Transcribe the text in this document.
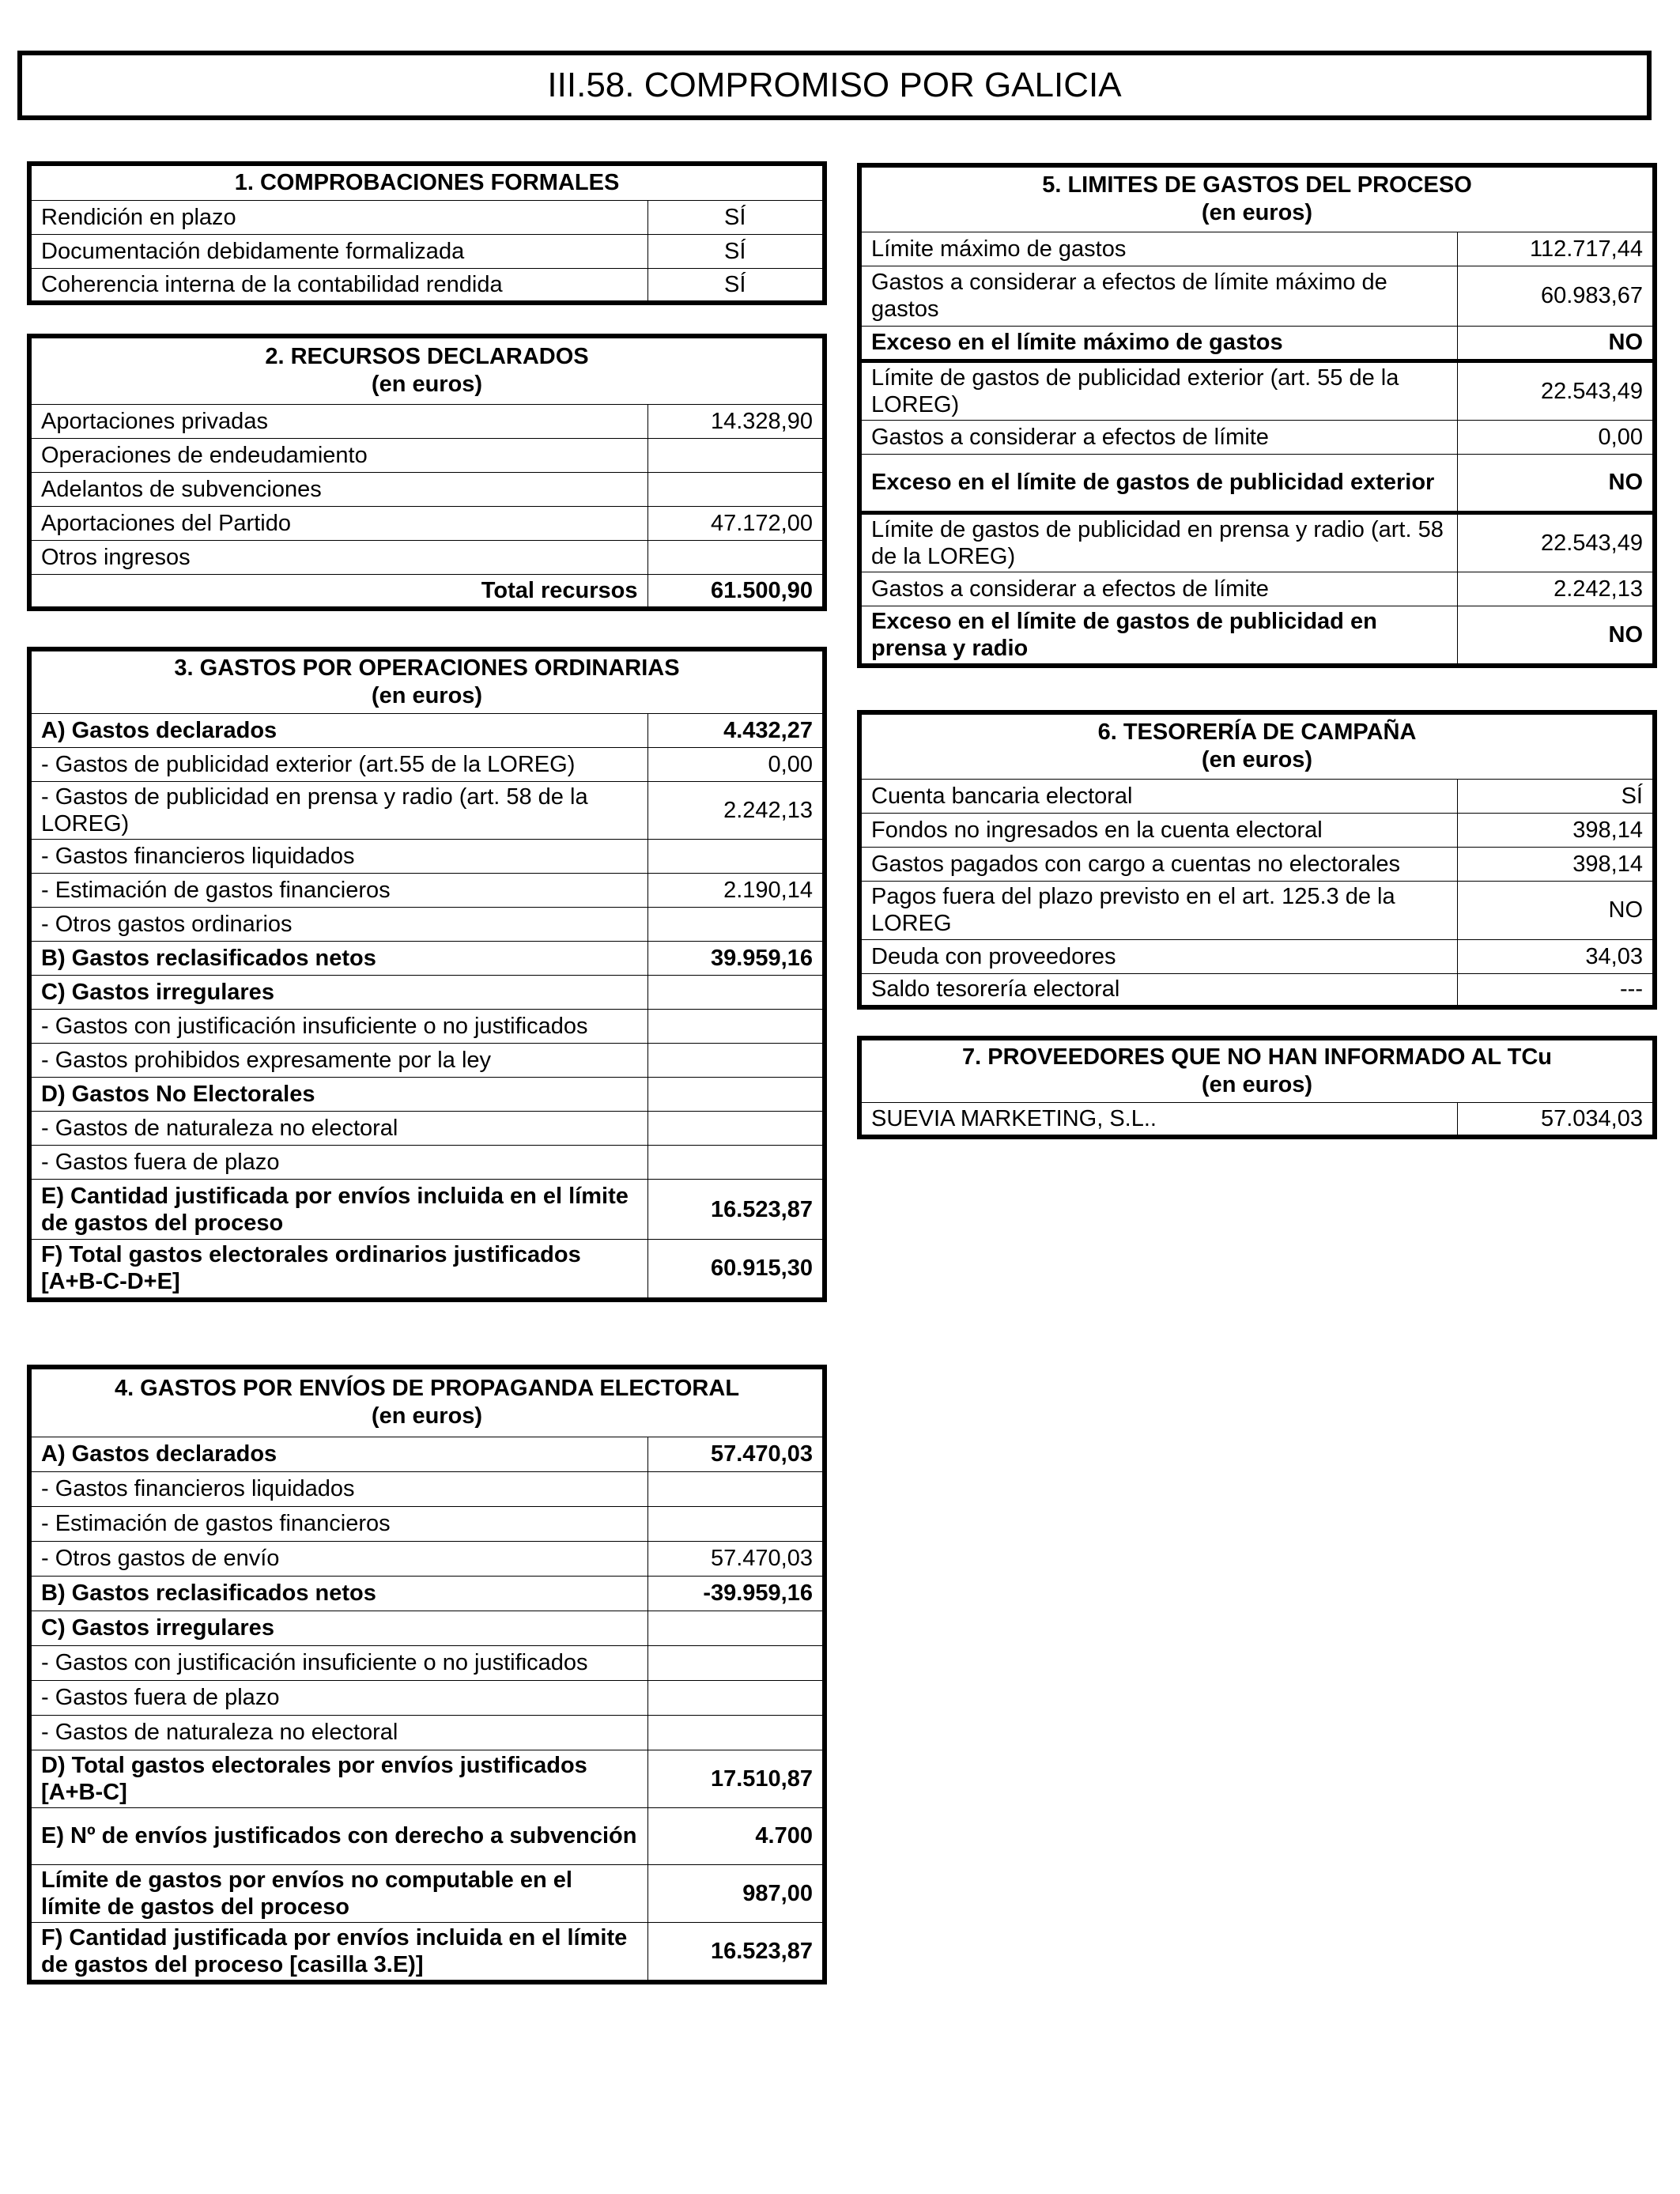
III.58. COMPROMISO POR GALICIA
1. COMPROBACIONES FORMALES	
Rendición en plazo	SÍ
Documentación debidamente formalizada	SÍ
Coherencia interna de la contabilidad rendida	SÍ
2. RECURSOS DECLARADOS
(en euros)	

Aportaciones privadas	14.328,90
Operaciones de endeudamiento	
Adelantos de subvenciones	
Aportaciones del Partido	47.172,00
Otros ingresos	
Total recursos	61.500,90
3. GASTOS POR OPERACIONES ORDINARIAS
(en euros)	

A) Gastos declarados	4.432,27
- Gastos de publicidad exterior (art.55 de la LOREG)	0,00
- Gastos de publicidad en prensa y radio (art. 58 de la LOREG)	2.242,13
- Gastos financieros liquidados	
- Estimación de gastos financieros	2.190,14
- Otros gastos ordinarios	
B) Gastos reclasificados netos	39.959,16
C) Gastos irregulares	
- Gastos con justificación insuficiente o no justificados	
- Gastos prohibidos expresamente por la ley	
D) Gastos No Electorales	
- Gastos de naturaleza no electoral	
- Gastos fuera de plazo	
E) Cantidad justificada por envíos incluida en el límite de gastos del proceso	16.523,87
F) Total gastos electorales ordinarios justificados [A+B-C-D+E]	60.915,30
4. GASTOS POR ENVÍOS DE PROPAGANDA ELECTORAL
(en euros)	

A) Gastos declarados	57.470,03
- Gastos financieros liquidados	
- Estimación de gastos financieros	
- Otros gastos de envío	57.470,03
B) Gastos reclasificados netos	-39.959,16
C) Gastos irregulares	
- Gastos con justificación insuficiente o no justificados	
- Gastos fuera de plazo	
- Gastos de naturaleza no electoral	
D) Total gastos electorales por envíos justificados [A+B-C]	17.510,87
E) Nº de envíos justificados con derecho a subvención	4.700
Límite de gastos por envíos no computable en el límite de gastos del proceso	987,00
F) Cantidad justificada por envíos incluida en el límite de gastos del proceso [casilla 3.E)]	16.523,87
5. LIMITES DE GASTOS DEL PROCESO
(en euros)	

Límite máximo de gastos	112.717,44
Gastos a considerar a efectos de límite máximo de gastos	60.983,67
Exceso en el límite máximo de gastos	NO
Límite de gastos de publicidad exterior (art. 55 de la LOREG)	22.543,49
Gastos a considerar a efectos de límite	0,00
Exceso en el límite de gastos de publicidad exterior	NO
Límite de gastos de publicidad en prensa y radio (art. 58 de la LOREG)	22.543,49
Gastos a considerar a efectos de límite	2.242,13
Exceso en el límite de gastos de publicidad en prensa y radio	NO
6. TESORERÍA DE CAMPAÑA
(en euros)	

Cuenta bancaria electoral	SÍ
Fondos no ingresados en la cuenta electoral	398,14
Gastos pagados con cargo a cuentas no electorales	398,14
Pagos fuera del plazo previsto en el art. 125.3 de la LOREG	NO
Deuda con proveedores	34,03
Saldo tesorería electoral	---
7. PROVEEDORES QUE NO HAN INFORMADO AL TCu
(en euros)

SUEVIA MARKETING, S.L..	57.034,03
